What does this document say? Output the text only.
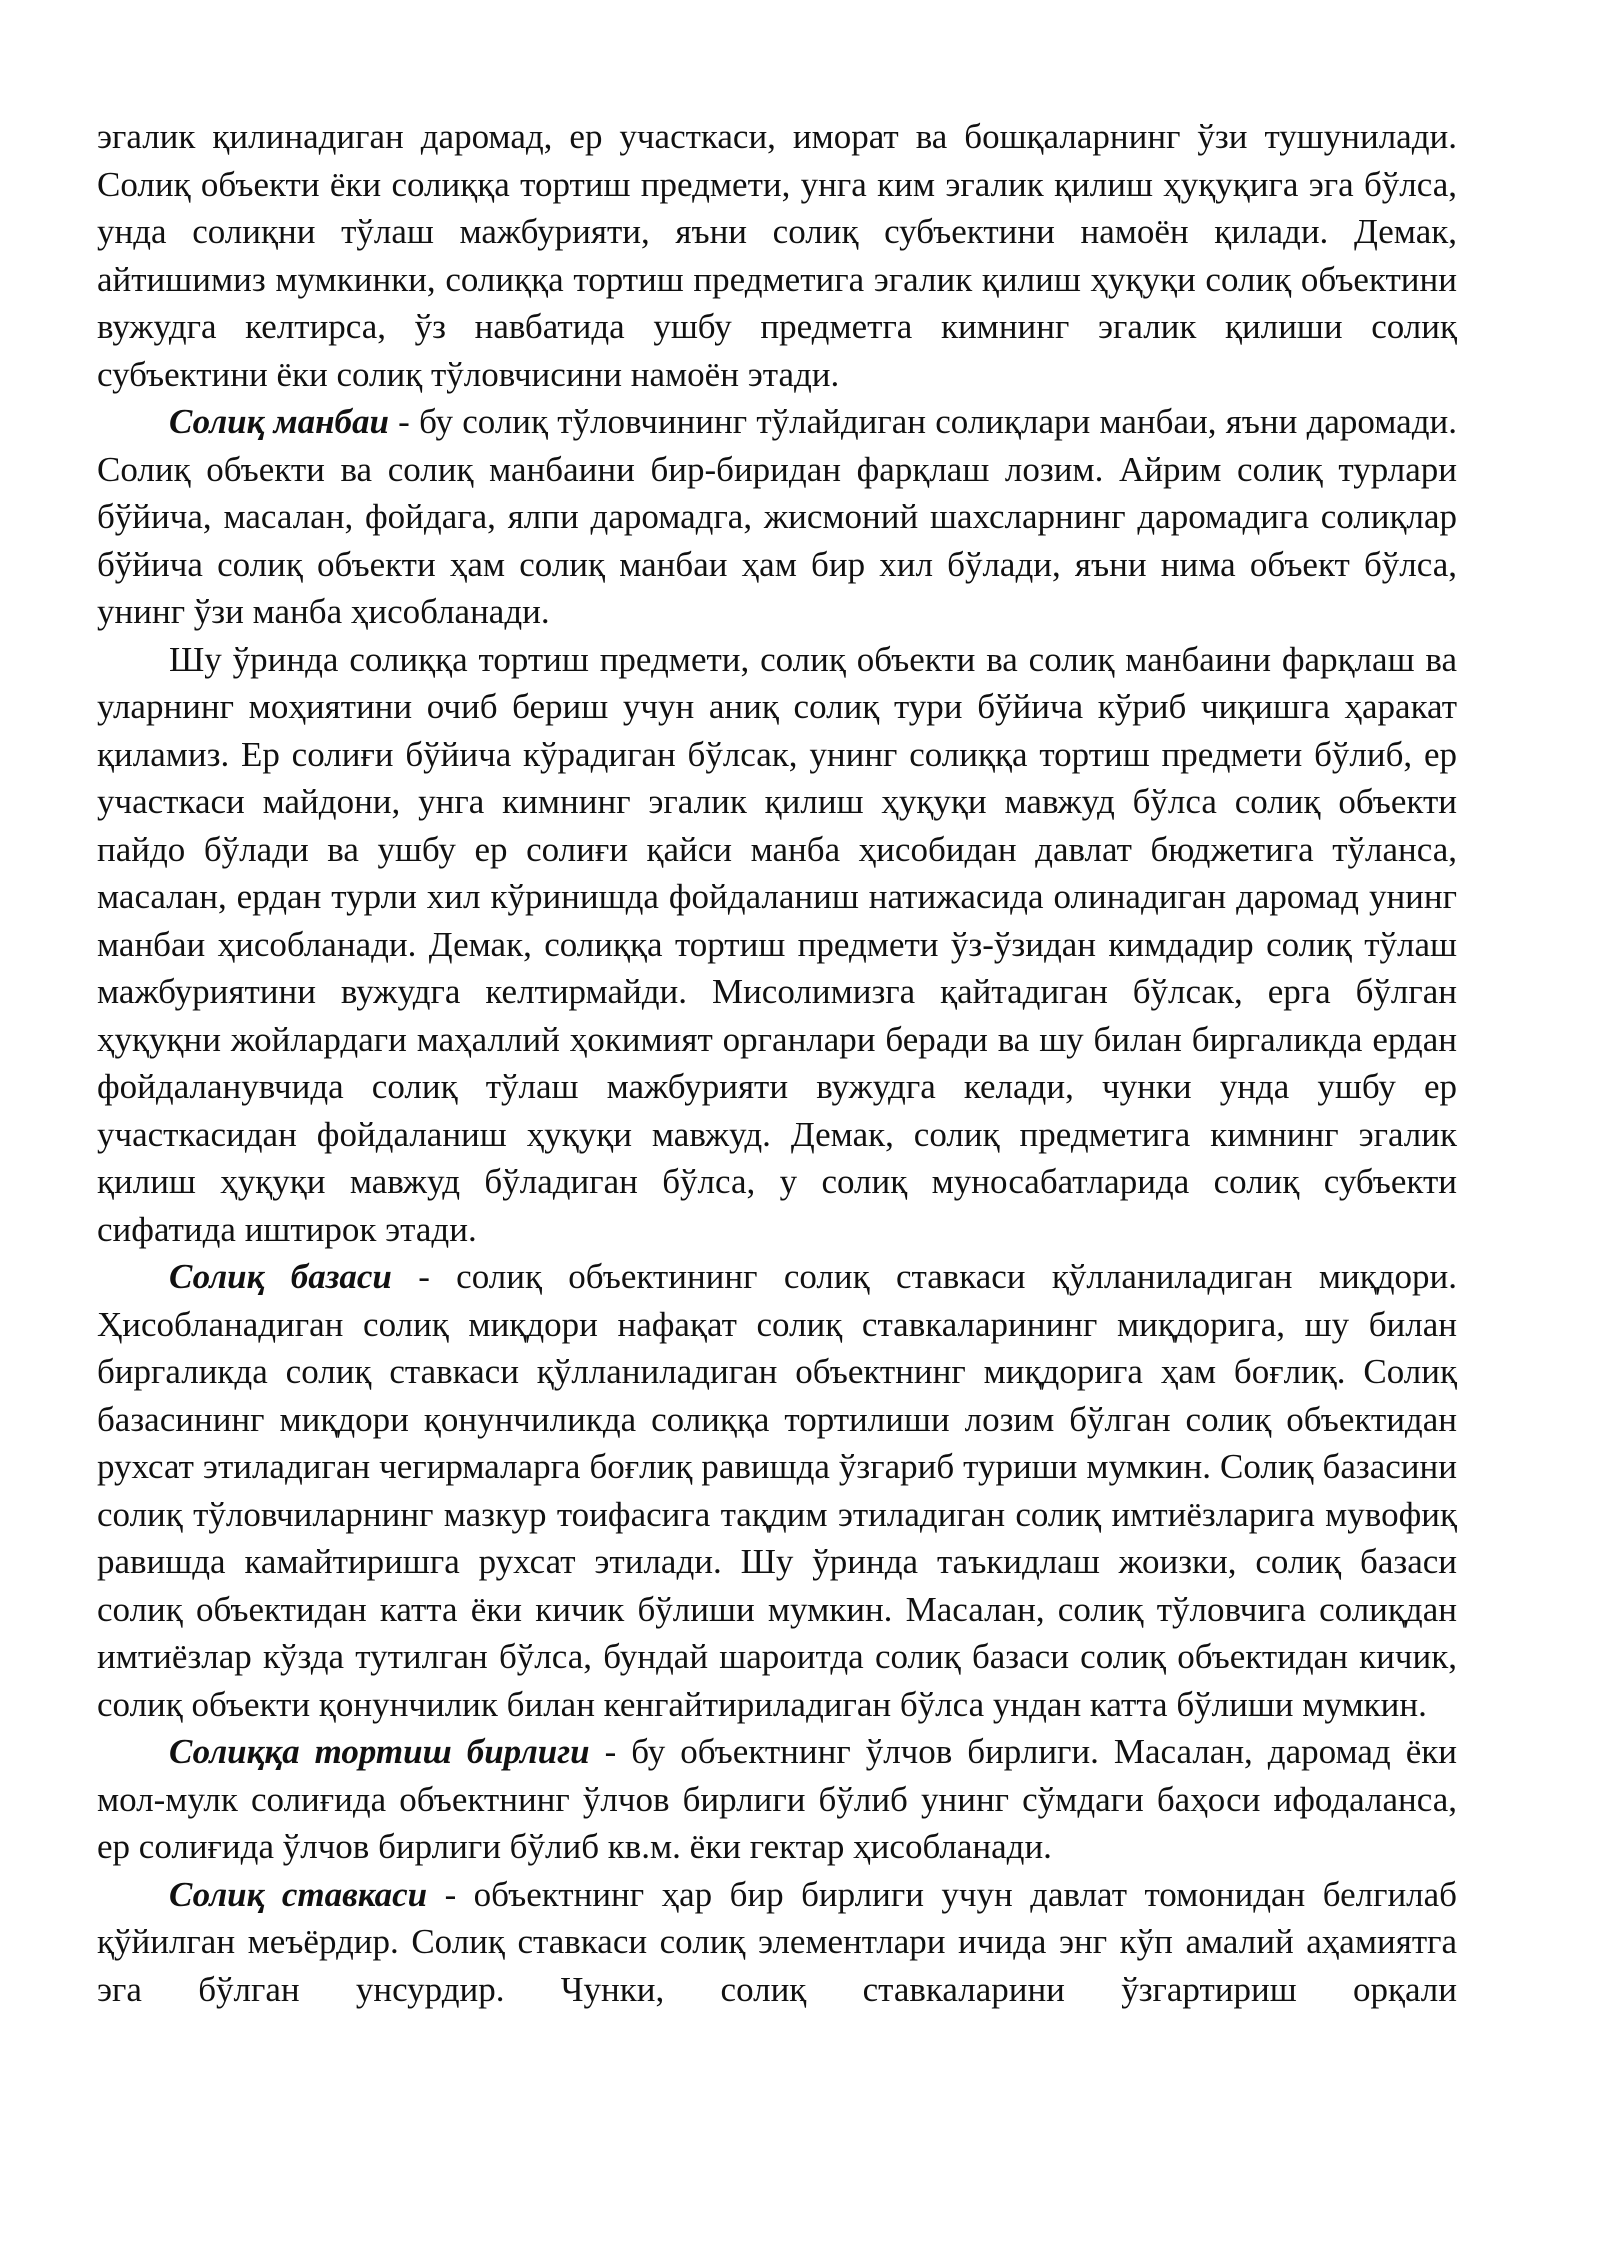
эгалик қилинадиган даромад, ер участкаси, иморат ва бошқаларнинг ўзи тушунилади. Солиқ объекти ёки солиққа тортиш предмети, унга ким эгалик қилиш ҳуқуқига эга бўлса, унда солиқни тўлаш мажбурияти, яъни солиқ субъектини намоён қилади. Демак, айтишимиз мумкинки, солиққа тортиш предметига эгалик қилиш ҳуқуқи солиқ объектини вужудга келтирса, ўз навбатида ушбу предметга кимнинг эгалик қилиши солиқ субъектини ёки солиқ тўловчисини намоён этади.

Солиқ манбаи - бу солиқ тўловчининг тўлайдиган солиқлари манбаи, яъни даромади. Солиқ объекти ва солиқ манбаини бир-биридан фарқлаш лозим. Айрим солиқ турлари бўйича, масалан, фойдага, ялпи даромадга, жисмоний шахсларнинг даромадига солиқлар бўйича солиқ объекти ҳам солиқ манбаи ҳам бир хил бўлади, яъни нима объект бўлса, унинг ўзи манба ҳисобланади.

Шу ўринда солиққа тортиш предмети, солиқ объекти ва солиқ манбаини фарқлаш ва уларнинг моҳиятини очиб бериш учун аниқ солиқ тури бўйича кўриб чиқишга ҳаракат қиламиз. Ер солиғи бўйича кўрадиган бўлсак, унинг солиққа тортиш предмети бўлиб, ер участкаси майдони, унга кимнинг эгалик қилиш ҳуқуқи мавжуд бўлса солиқ объекти пайдо бўлади ва ушбу ер солиғи қайси манба ҳисобидан давлат бюджетига тўланса, масалан, ердан турли хил кўринишда фойдаланиш натижасида олинадиган даромад унинг манбаи ҳисобланади. Демак, солиққа тортиш предмети ўз-ўзидан кимдадир солиқ тўлаш мажбуриятини вужудга келтирмайди. Мисолимизга қайтадиган бўлсак, ерга бўлган ҳуқуқни жойлардаги маҳаллий ҳокимият органлари беради ва шу билан биргаликда ердан фойдаланувчида солиқ тўлаш мажбурияти вужудга келади, чунки унда ушбу ер участкасидан фойдаланиш ҳуқуқи мавжуд. Демак, солиқ предметига кимнинг эгалик қилиш ҳуқуқи мавжуд бўладиган бўлса, у солиқ муносабатларида солиқ субъекти сифатида иштирок этади.

Солиқ базаси - солиқ объектининг солиқ ставкаси қўлланиладиган миқдори. Ҳисобланадиган солиқ миқдори нафақат солиқ ставкаларининг миқдорига, шу билан биргаликда солиқ ставкаси қўлланиладиган объектнинг миқдорига ҳам боғлиқ. Солиқ базасининг миқдори қонунчиликда солиққа тортилиши лозим бўлган солиқ объектидан рухсат этиладиган чегирмаларга боғлиқ равишда ўзгариб туриши мумкин. Солиқ базасини солиқ тўловчиларнинг мазкур тоифасига тақдим этиладиган солиқ имтиёзларига мувофиқ равишда камайтиришга рухсат этилади. Шу ўринда таъкидлаш жоизки, солиқ базаси солиқ объектидан катта ёки кичик бўлиши мумкин. Масалан, солиқ тўловчига солиқдан имтиёзлар кўзда тутилган бўлса, бундай шароитда солиқ базаси солиқ объектидан кичик, солиқ объекти қонунчилик билан кенгайтириладиган бўлса ундан катта бўлиши мумкин.

Солиққа тортиш бирлиги - бу объектнинг ўлчов бирлиги. Масалан, даромад ёки мол-мулк солиғида объектнинг ўлчов бирлиги бўлиб унинг сўмдаги баҳоси ифодаланса, ер солиғида ўлчов бирлиги бўлиб кв.м. ёки гектар ҳисобланади.

Солиқ ставкаси - объектнинг ҳар бир бирлиги учун давлат томонидан белгилаб қўйилган меъёрдир. Солиқ ставкаси солиқ элементлари ичида энг кўп амалий аҳамиятга эга бўлган унсурдир. Чунки, солиқ ставкаларини ўзгартириш орқали
